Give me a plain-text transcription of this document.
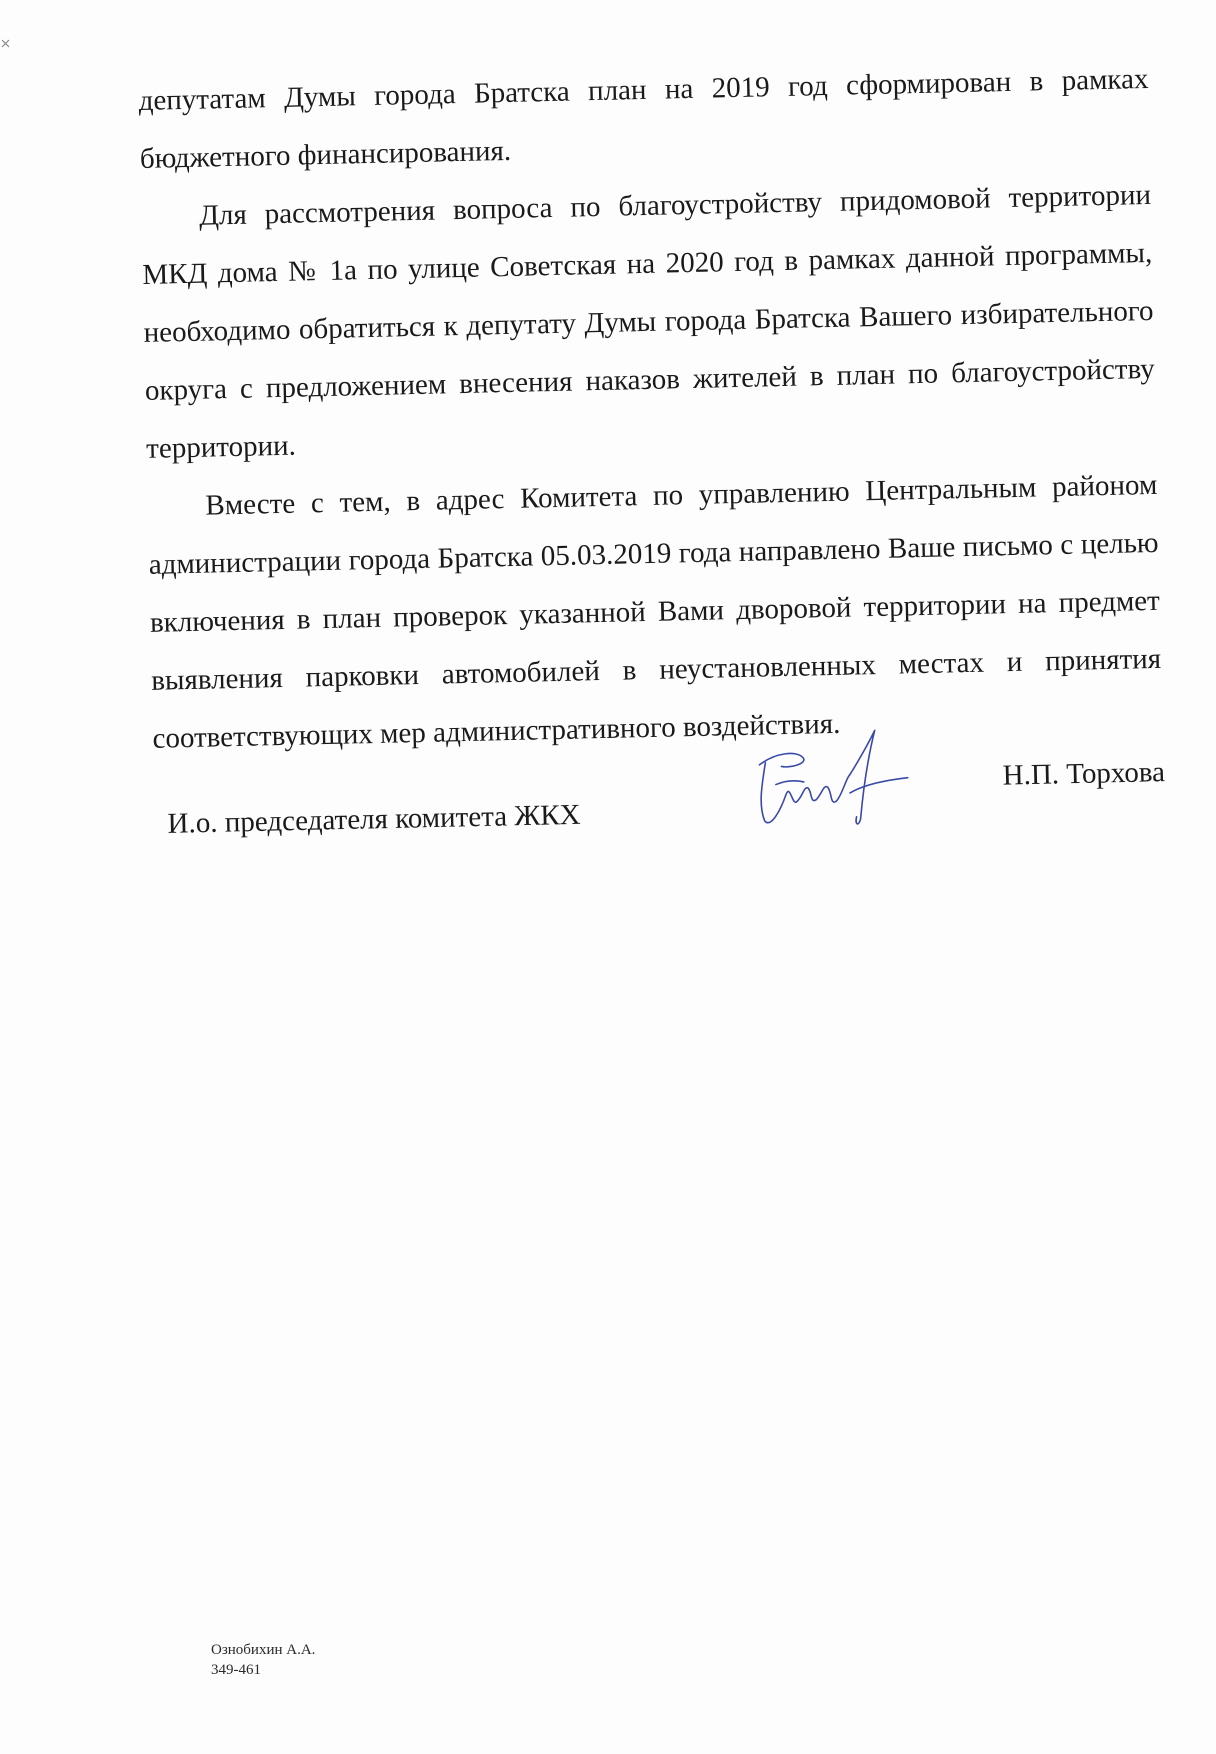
депутатам Думы города Братска план на 2019 год сформирован в рамках бюджетного финансирования.

Для рассмотрения вопроса по благоустройству придомовой территории МКД дома № 1а по улице Советская на 2020 год в рамках данной программы, необходимо обратиться к депутату Думы города Братска Вашего избирательного округа с предложением внесения наказов жителей в план по благоустройству территории.

Вместе с тем, в адрес Комитета по управлению Центральным районом администрации города Братска 05.03.2019 года направлено Ваше письмо с целью включения в план проверок указанной Вами дворовой территории на предмет выявления парковки автомобилей в неустановленных местах и принятия соответствующих мер административного воздействия.

И.о. председателя комитета ЖКХ
Н.П. Торхова
Ознобихин А.А.
349-461
